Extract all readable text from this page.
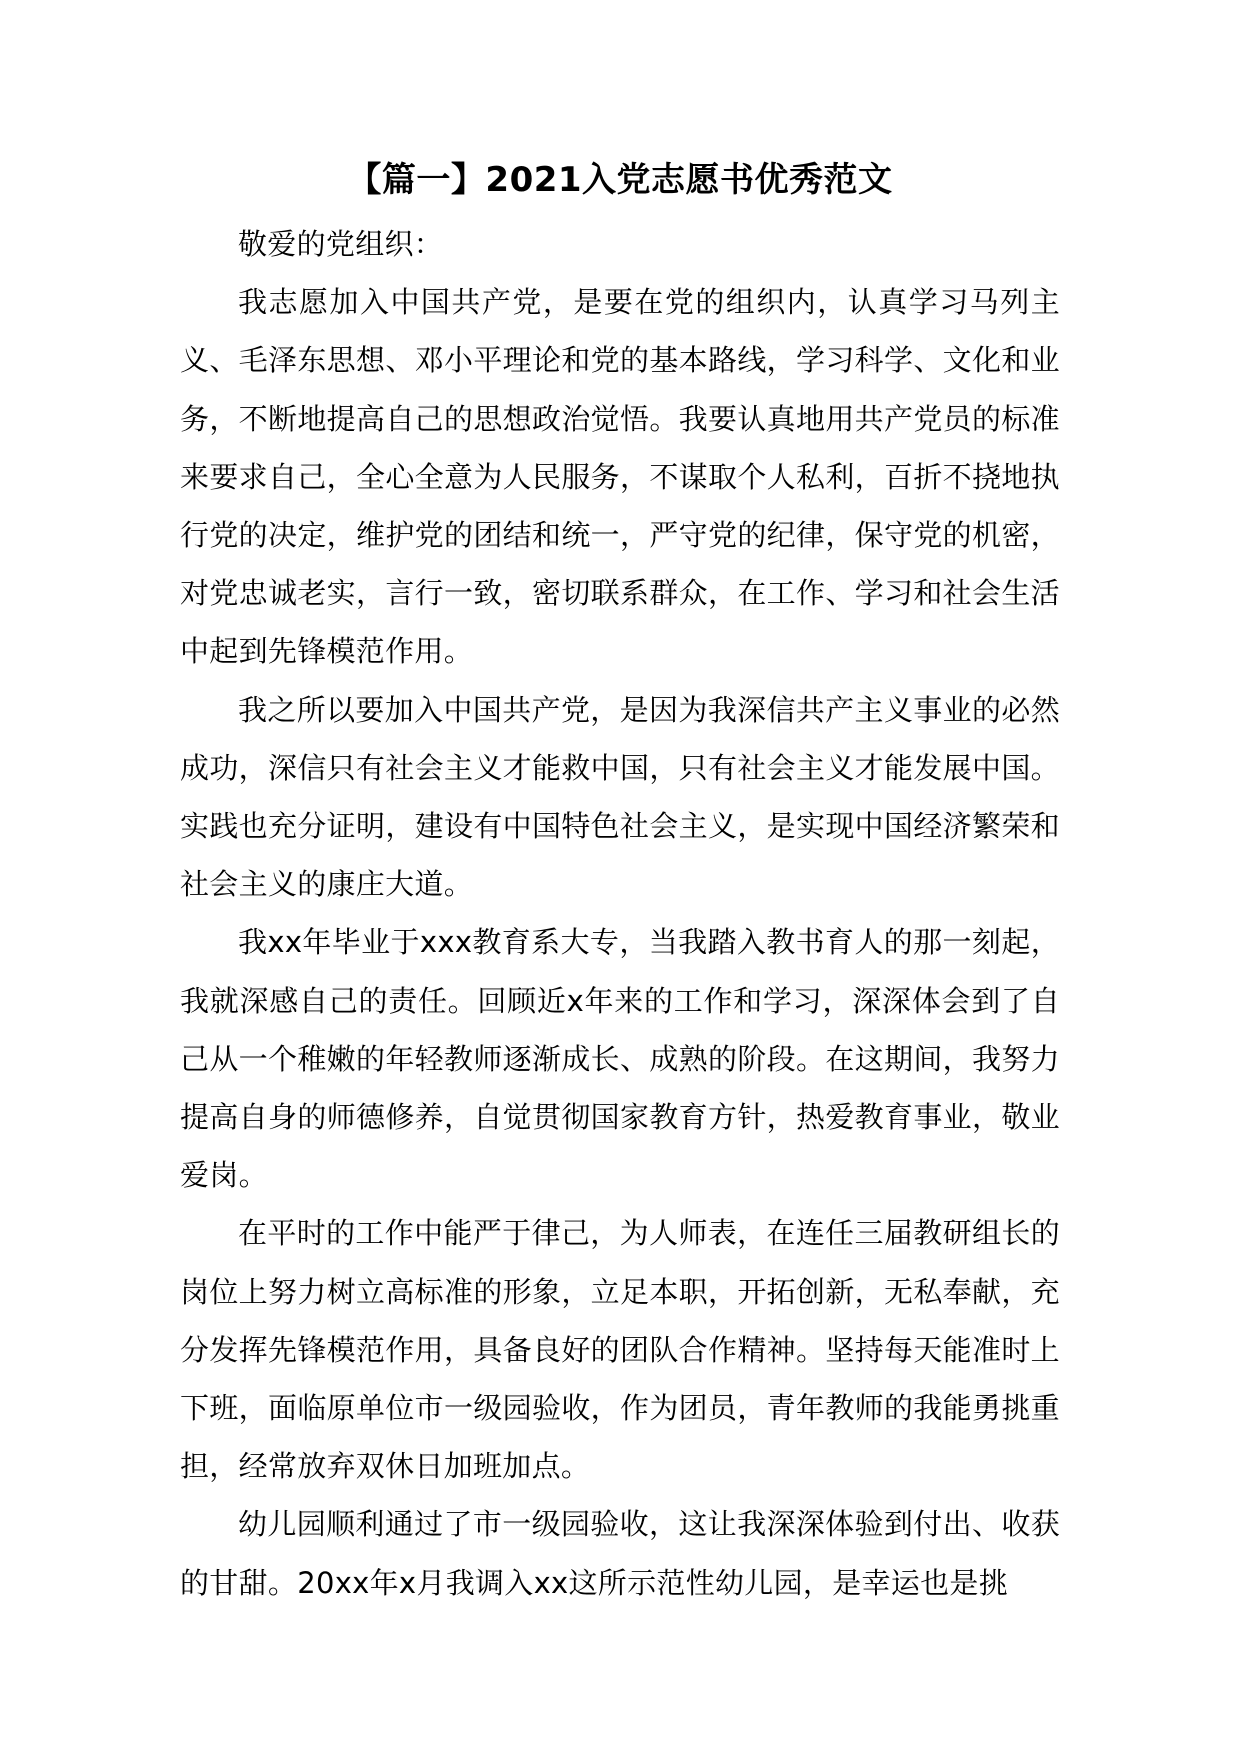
【篇一】2021入党志愿书优秀范文

敬爱的党组织：

我志愿加入中国共产党，是要在党的组织内，认真学习马列主义、毛泽东思想、邓小平理论和党的基本路线，学习科学、文化和业务，不断地提高自己的思想政治觉悟。我要认真地用共产党员的标准来要求自己，全心全意为人民服务，不谋取个人私利，百折不挠地执行党的决定，维护党的团结和统一，严守党的纪律，保守党的机密，对党忠诚老实，言行一致，密切联系群众，在工作、学习和社会生活中起到先锋模范作用。

我之所以要加入中国共产党，是因为我深信共产主义事业的必然成功，深信只有社会主义才能救中国，只有社会主义才能发展中国。实践也充分证明，建设有中国特色社会主义，是实现中国经济繁荣和社会主义的康庄大道。

我xx年毕业于xxx教育系大专，当我踏入教书育人的那一刻起，我就深感自己的责任。回顾近x年来的工作和学习，深深体会到了自己从一个稚嫩的年轻教师逐渐成长、成熟的阶段。在这期间，我努力提高自身的师德修养，自觉贯彻国家教育方针，热爱教育事业，敬业爱岗。

在平时的工作中能严于律己，为人师表，在连任三届教研组长的岗位上努力树立高标准的形象，立足本职，开拓创新，无私奉献，充分发挥先锋模范作用，具备良好的团队合作精神。坚持每天能准时上下班，面临原单位市一级园验收，作为团员，青年教师的我能勇挑重担，经常放弃双休日加班加点。

幼儿园顺利通过了市一级园验收，这让我深深体验到付出、收获的甘甜。20xx年x月我调入xx这所示范性幼儿园，是幸运也是挑
